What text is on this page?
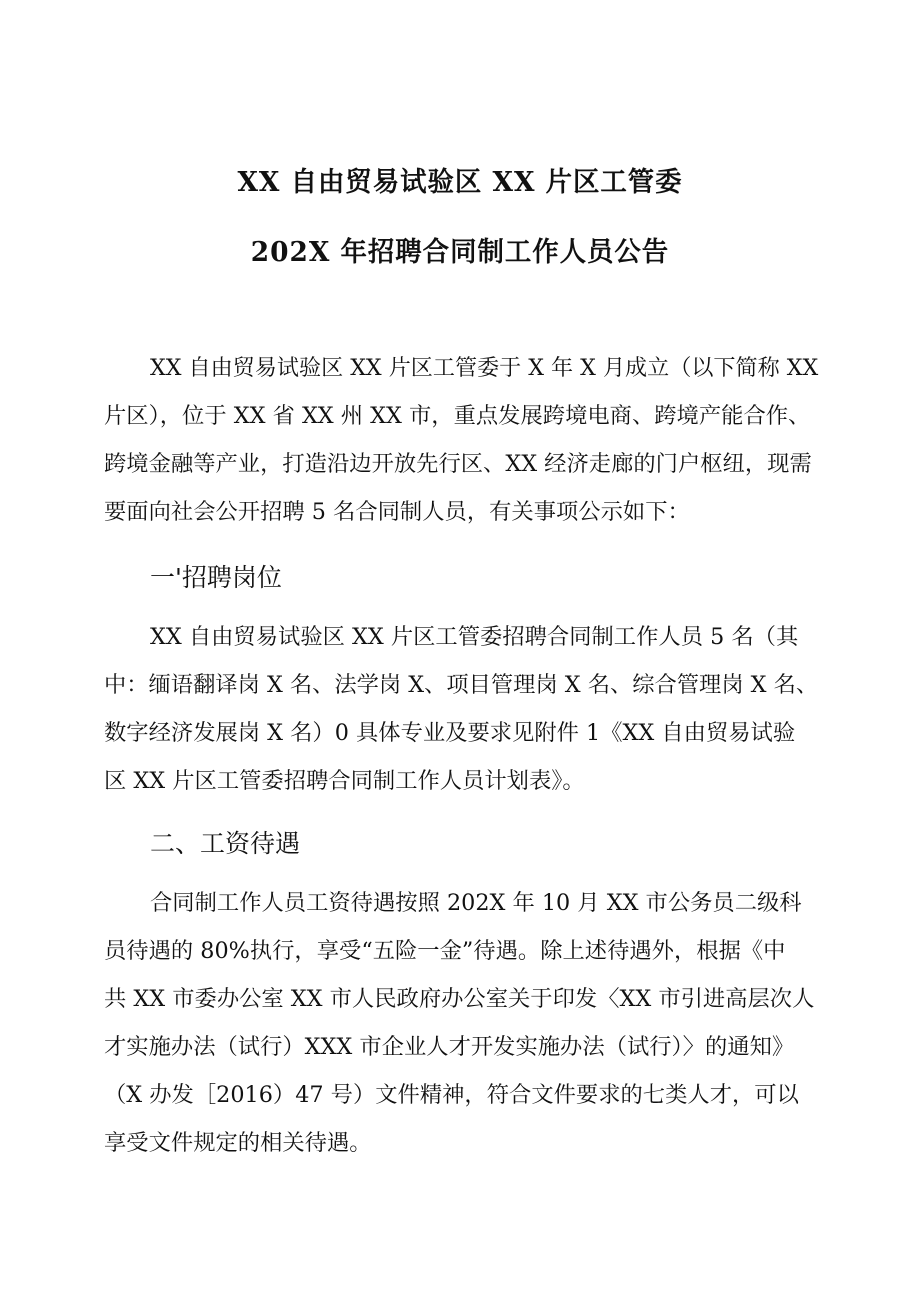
XX 自由贸易试验区 XX 片区工管委
202X 年招聘合同制工作人员公告
XX 自由贸易试验区 XX 片区工管委于 X 年 X 月成立（以下简称 XX
片区），位于 XX 省 XX 州 XX 市，重点发展跨境电商、跨境产能合作、
跨境金融等产业，打造沿边开放先行区、XX 经济走廊的门户枢纽，现需
要面向社会公开招聘 5 名合同制人员，有关事项公示如下：
一'招聘岗位
XX 自由贸易试验区 XX 片区工管委招聘合同制工作人员 5 名（其
中：缅语翻译岗 X 名、法学岗 X、项目管理岗 X 名、综合管理岗 X 名、
数字经济发展岗 X 名）0 具体专业及要求见附件 1《XX 自由贸易试验
区 XX 片区工管委招聘合同制工作人员计划表》。
二、工资待遇
合同制工作人员工资待遇按照 202X 年 10 月 XX 市公务员二级科
员待遇的 80%执行，享受“五险一金”待遇。除上述待遇外，根据《中
共 XX 市委办公室 XX 市人民政府办公室关于印发〈XX 市引进高层次人
才实施办法（试行）XXX 市企业人才开发实施办法（试行）〉的通知》
（X 办发［2016）47 号）文件精神，符合文件要求的七类人才，可以
享受文件规定的相关待遇。
